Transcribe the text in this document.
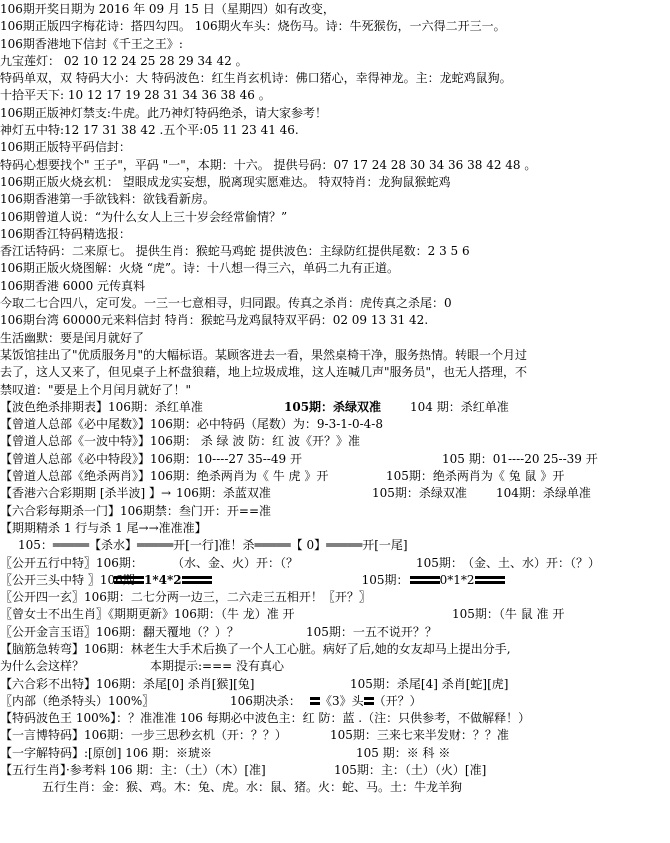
106期开奖日期为 2016 年 09 月 15 日（星期四）如有改变，
106期正版四字梅花诗：搭四勾四。 106期火车头：烧伤马。诗：牛死猴伤，一六得二开三一。
106期香港地下信封《千王之王》:
九宝莲灯： 02 10 12 24 25 28 29 34 42 。
特码单双，双 特码大小：大 特码波色：红生肖玄机诗：佛口猪心，幸得神龙。主：龙蛇鸡鼠狗。
十拾平天下: 10 12 17 19 28 31 34 36 38 46 。
106期正版神灯禁支:牛虎。此乃神灯特码绝杀，请大家参考！
神灯五中特:12 17 31 38 42 .五个平:05 11 23 41 46.
106期正版特平码信封：
特码心想要找个" 王子"，平码 "一"，本期：十六。 提供号码：07 17 24 28 30 34 36 38 42 48 。
106期正版火烧玄机： 望眼成龙实妄想，脱离现实愿难达。 特双特肖：龙狗鼠猴蛇鸡
106期香港第一手欲钱料：欲钱看新房。
106期曾道人说：“为什么女人上三十岁会经常偷情？”
106期香江特码精选报：
香江话特码：二来原七。 提供生肖：猴蛇马鸡蛇 提供波色：主绿防红提供尾数：2 3 5 6
106期正版火烧图解：火烧 “虎”。诗：十八想一得三六，单码二九有正道。
106期香港 6000 元传真料
今取二七合四八，定可发。一三一七意相寻，归同跟。传真之杀肖：虎传真之杀尾：0
106期台湾 60000元来料信封 特肖：猴蛇马龙鸡鼠特双平码：02 09 13 31 42.
生活幽默：要是闰月就好了
某饭馆挂出了"优质服务月"的大幅标语。某顾客进去一看，果然桌椅干净，服务热情。转眼一个月过
去了，这人又来了，但见桌子上杯盘狼藉，地上垃圾成堆，这人连喊几声"服务员"，也无人搭理，不
禁叹道："要是上个月闰月就好了！"
【波色绝杀排期表】106期：杀红单准	105期：杀绿双准 104 期：杀红单准
【曾道人总部《必中尾数》】106期：必中特码（尾数）为：9-3-1-0-4-8
【曾道人总部《一波中特》】106期： 杀 绿 波 防：红 波《开？》准
【曾道人总部《必中特段》】106期：10----27 35--49 开	105 期：01----20 25--39 开
【曾道人总部《绝杀两肖》】106期：绝杀两肖为《 牛 虎 》开	105期：绝杀两肖为《 兔 鼠 》开
【香港六合彩期期 [杀半波] 】→ 106期：杀蓝双准	105期：杀绿双准 104期：杀绿单准
【六合彩每期杀一门】106期禁：叁门开：开==准
【期期精杀 1 行与杀 1 尾→→准准准】
105：═════【杀水】═════开[一行]准！杀═════【 0】═════开[一尾]
〖公开五行中特〗106期： （水、金、火）开：（？	105期：（金、土、水）开：（？）
〖公开三头中特 〗106期：1*4*2	105期：	0*1*2
〖公开四一玄〗106期：二七分两一边三，二六走三五相开！〖开？〗
〖曾女士不出生肖〗《期期更新》106期：（牛 龙）准 开	105期：（牛 鼠 准 开
〖公开金言玉语〗106期：翻天覆地（？）？	105期：一五不说开？？
【脑筋急转弯】106期：林老生大手术后换了一个人工心脏。病好了后,她的女友却马上提出分手,
为什么会这样？	本期提示:=== 没有真心
【六合彩不出特】106期：杀尾[0] 杀肖[猴][兔]	105期：杀尾[4] 杀肖[蛇][虎]
〖内部（绝杀特头）100%〗	106期决杀： 《3》头 （开？）
【特码波色王 100%】：？准准准 106 每期必中波色主：红 防：蓝 .（注：只供参考，不做解释！）
【一言博特码】106期：一步三思秒玄机（开：？？）	105期：三来七来半发财：？？准
【一字解特码】:[原创] 106 期：※琥※	105 期：※ 科 ※
【五行生肖】·参考料 106 期：主：（土）（木）[准]	105期：主：（土）（火）[准]
五行生肖：金：猴、鸡。木：兔、虎。水：鼠、猪。火：蛇、马。土：牛龙羊狗
